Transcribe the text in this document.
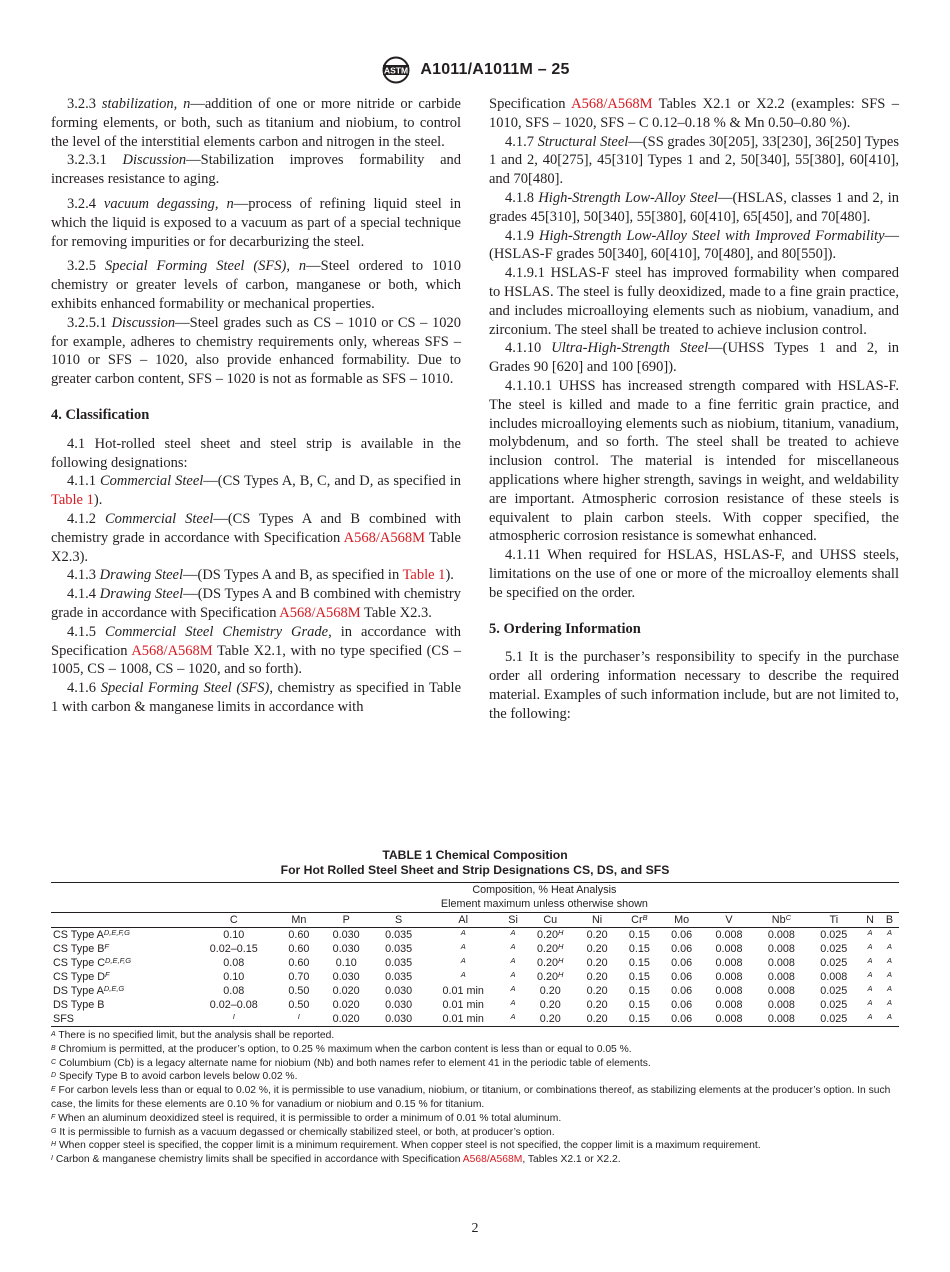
ASTM A1011/A1011M – 25

3.2.3 stabilization, n—addition of one or more nitride or carbide forming elements, or both, such as titanium and niobium, to control the level of the interstitial elements carbon and nitrogen in the steel.

3.2.3.1 Discussion—Stabilization improves formability and increases resistance to aging.

3.2.4 vacuum degassing, n—process of refining liquid steel in which the liquid is exposed to a vacuum as part of a special technique for removing impurities or for decarburizing the steel.

3.2.5 Special Forming Steel (SFS), n—Steel ordered to 1010 chemistry or greater levels of carbon, manganese or both, which exhibits enhanced formability or mechanical properties.

3.2.5.1 Discussion—Steel grades such as CS – 1010 or CS – 1020 for example, adheres to chemistry requirements only, whereas SFS – 1010 or SFS – 1020, also provide enhanced formability. Due to greater carbon content, SFS – 1020 is not as formable as SFS – 1010.

4. Classification

4.1 Hot-rolled steel sheet and steel strip is available in the following designations:

4.1.1 Commercial Steel—(CS Types A, B, C, and D, as specified in Table 1).

4.1.2 Commercial Steel—(CS Types A and B combined with chemistry grade in accordance with Specification A568/A568M Table X2.3).

4.1.3 Drawing Steel—(DS Types A and B, as specified in Table 1).

4.1.4 Drawing Steel—(DS Types A and B combined with chemistry grade in accordance with Specification A568/A568M Table X2.3.

4.1.5 Commercial Steel Chemistry Grade, in accordance with Specification A568/A568M Table X2.1, with no type specified (CS – 1005, CS – 1008, CS – 1020, and so forth).

4.1.6 Special Forming Steel (SFS), chemistry as specified in Table 1 with carbon & manganese limits in accordance with

Specification A568/A568M Tables X2.1 or X2.2 (examples: SFS – 1010, SFS – 1020, SFS – C 0.12–0.18 % & Mn 0.50–0.80 %).

4.1.7 Structural Steel—(SS grades 30[205], 33[230], 36[250] Types 1 and 2, 40[275], 45[310] Types 1 and 2, 50[340], 55[380], 60[410], and 70[480].

4.1.8 High-Strength Low-Alloy Steel—(HSLAS, classes 1 and 2, in grades 45[310], 50[340], 55[380], 60[410], 65[450], and 70[480].

4.1.9 High-Strength Low-Alloy Steel with Improved Formability—(HSLAS-F grades 50[340], 60[410], 70[480], and 80[550]).

4.1.9.1 HSLAS-F steel has improved formability when compared to HSLAS. The steel is fully deoxidized, made to a fine grain practice, and includes microalloying elements such as niobium, vanadium, and zirconium. The steel shall be treated to achieve inclusion control.

4.1.10 Ultra-High-Strength Steel—(UHSS Types 1 and 2, in Grades 90 [620] and 100 [690]).

4.1.10.1 UHSS has increased strength compared with HSLAS-F. The steel is killed and made to a fine ferritic grain practice, and includes microalloying elements such as niobium, titanium, vanadium, molybdenum, and so forth. The steel shall be treated to achieve inclusion control. The material is intended for miscellaneous applications where higher strength, savings in weight, and weldability are important. Atmospheric corrosion resistance of these steels is equivalent to plain carbon steels. With copper specified, the atmospheric corrosion resistance is somewhat enhanced.

4.1.11 When required for HSLAS, HSLAS-F, and UHSS steels, limitations on the use of one or more of the microalloy elements shall be specified on the order.

5. Ordering Information

5.1 It is the purchaser’s responsibility to specify in the purchase order all ordering information necessary to describe the required material. Examples of such information include, but are not limited to, the following:

TABLE 1 Chemical Composition
For Hot Rolled Steel Sheet and Strip Designations CS, DS, and SFS

	Composition, % Heat Analysis
Element maximum unless otherwise shown														

	C	Mn	P	S	Al	Si	Cu	Ni	$Cr^B$	Mo	V	$Nb^C$	Ti	N	B
CS Type $A^{D,E,F,G}$	0.10	0.60	0.030	0.035	$^A$	$^A$	$0.20^H$	0.20	0.15	0.06	0.008	0.008	0.025	$^A$	$^A$
CS Type $B^F$	0.02–0.15	0.60	0.030	0.035	$^A$	$^A$	$0.20^H$	0.20	0.15	0.06	0.008	0.008	0.025	$^A$	$^A$
CS Type $C^{D,E,F,G}$	0.08	0.60	0.10	0.035	$^A$	$^A$	$0.20^H$	0.20	0.15	0.06	0.008	0.008	0.025	$^A$	$^A$
CS Type $D^F$	0.10	0.70	0.030	0.035	$^A$	$^A$	$0.20^H$	0.20	0.15	0.06	0.008	0.008	0.008	$^A$	$^A$
DS Type $A^{D,E,G}$	0.08	0.50	0.020	0.030	0.01 min	$^A$	0.20	0.20	0.15	0.06	0.008	0.008	0.025	$^A$	$^A$
DS Type B	0.02–0.08	0.50	0.020	0.030	0.01 min	$^A$	0.20	0.20	0.15	0.06	0.008	0.008	0.025	$^A$	$^A$
SFS	$^I$	$^I$	0.020	0.030	0.01 min	$^A$	0.20	0.20	0.15	0.06	0.008	0.008	0.025	$^A$	$^A$
$^A$ There is no specified limit, but the analysis shall be reported.
$^B$ Chromium is permitted, at the producer’s option, to 0.25 % maximum when the carbon content is less than or equal to 0.05 %.
$^C$ Columbium (Cb) is a legacy alternate name for niobium (Nb) and both names refer to element 41 in the periodic table of elements.
$^D$ Specify Type B to avoid carbon levels below 0.02 %.
$^E$ For carbon levels less than or equal to 0.02 %, it is permissible to use vanadium, niobium, or titanium, or combinations thereof, as stabilizing elements at the producer’s option. In such case, the limits for these elements are 0.10 % for vanadium or niobium and 0.15 % for titanium.
$^F$ When an aluminum deoxidized steel is required, it is permissible to order a minimum of 0.01 % total aluminum.
$^G$ It is permissible to furnish as a vacuum degassed or chemically stabilized steel, or both, at producer’s option.
$^H$ When copper steel is specified, the copper limit is a minimum requirement. When copper steel is not specified, the copper limit is a maximum requirement.
$^I$ Carbon & manganese chemistry limits shall be specified in accordance with Specification A568/A568M, Tables X2.1 or X2.2.
2
